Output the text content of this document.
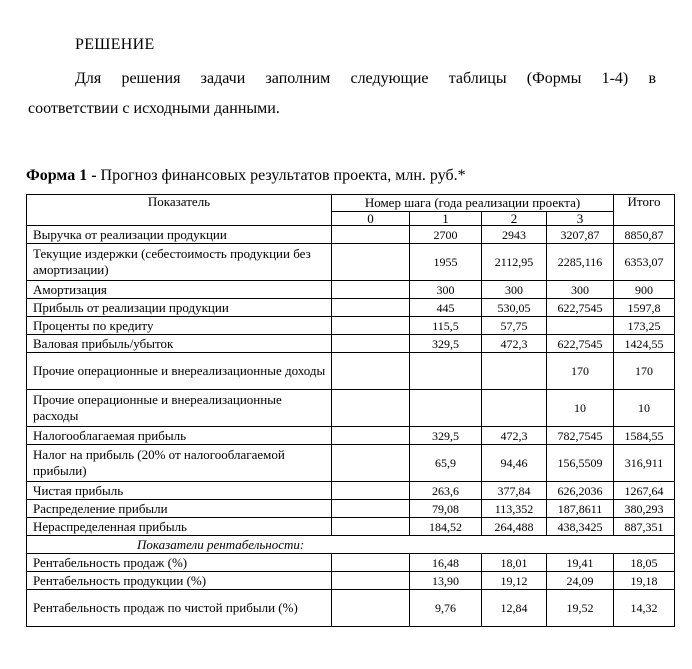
РЕШЕНИЕ
Для решения задачи заполним следующие таблицы (Формы 1-4) в
соответствии с исходными данными.
Форма 1 - Прогноз финансовых результатов проекта, млн. руб.*
Показатель	Номер шага (года реализации проекта)				Итого
	0	1	2	3	
Выручка от реализации продукции		2700	2943	3207,87	8850,87
Текущие издержки (себестоимость продукции без амортизации)		1955	2112,95	2285,116	6353,07
Амортизация		300	300	300	900
Прибыль от реализации продукции		445	530,05	622,7545	1597,8
Проценты по кредиту		115,5	57,75		173,25
Валовая прибыль/убыток		329,5	472,3	622,7545	1424,55
Прочие операционные и внереализационные доходы				170	170
Прочие операционные и внереализационные расходы				10	10
Налогооблагаемая прибыль		329,5	472,3	782,7545	1584,55
Налог на прибыль (20% от налогооблагаемой прибыли)		65,9	94,46	156,5509	316,911
Чистая прибыль		263,6	377,84	626,2036	1267,64
Распределение прибыли		79,08	113,352	187,8611	380,293
Нераспределенная прибыль		184,52	264,488	438,3425	887,351
Показатели рентабельности:					
Рентабельность продаж (%)		16,48	18,01	19,41	18,05
Рентабельность продукции (%)		13,90	19,12	24,09	19,18
Рентабельность продаж по чистой прибыли (%)		9,76	12,84	19,52	14,32
